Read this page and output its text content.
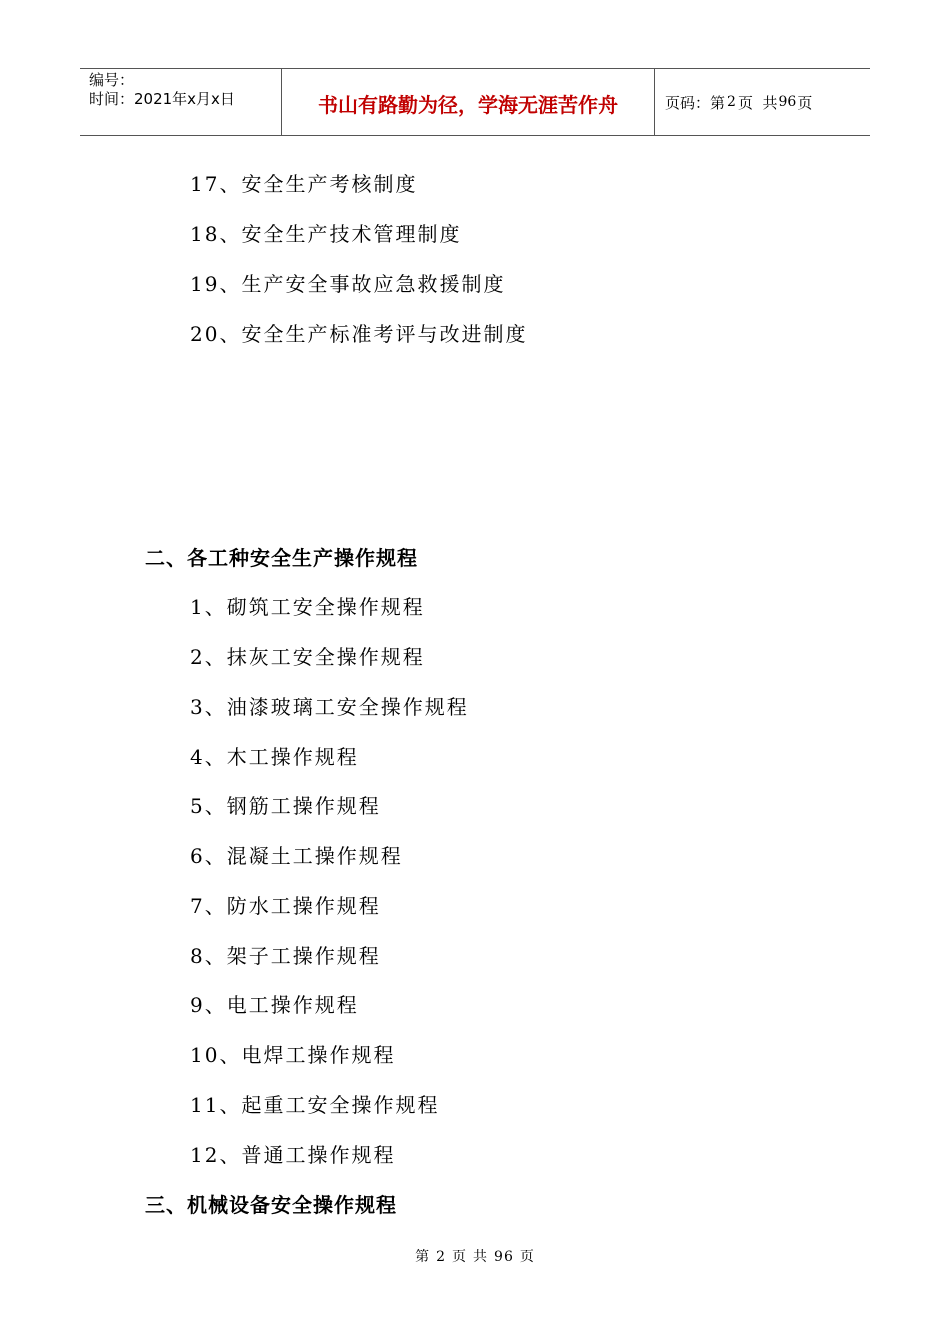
编号：
时间：2021年x月x日	书山有路勤为径，学海无涯苦作舟	页码：第 2 页  共 96 页
17、安全生产考核制度
18、安全生产技术管理制度
19、生产安全事故应急救援制度
20、安全生产标准考评与改进制度
二、各工种安全生产操作规程
1、砌筑工安全操作规程
2、抹灰工安全操作规程
3、油漆玻璃工安全操作规程
4、木工操作规程
5、钢筋工操作规程
6、混凝土工操作规程
7、防水工操作规程
8、架子工操作规程
9、电工操作规程
10、电焊工操作规程
11、起重工安全操作规程
12、普通工操作规程
三、机械设备安全操作规程
第 2 页 共 96 页
